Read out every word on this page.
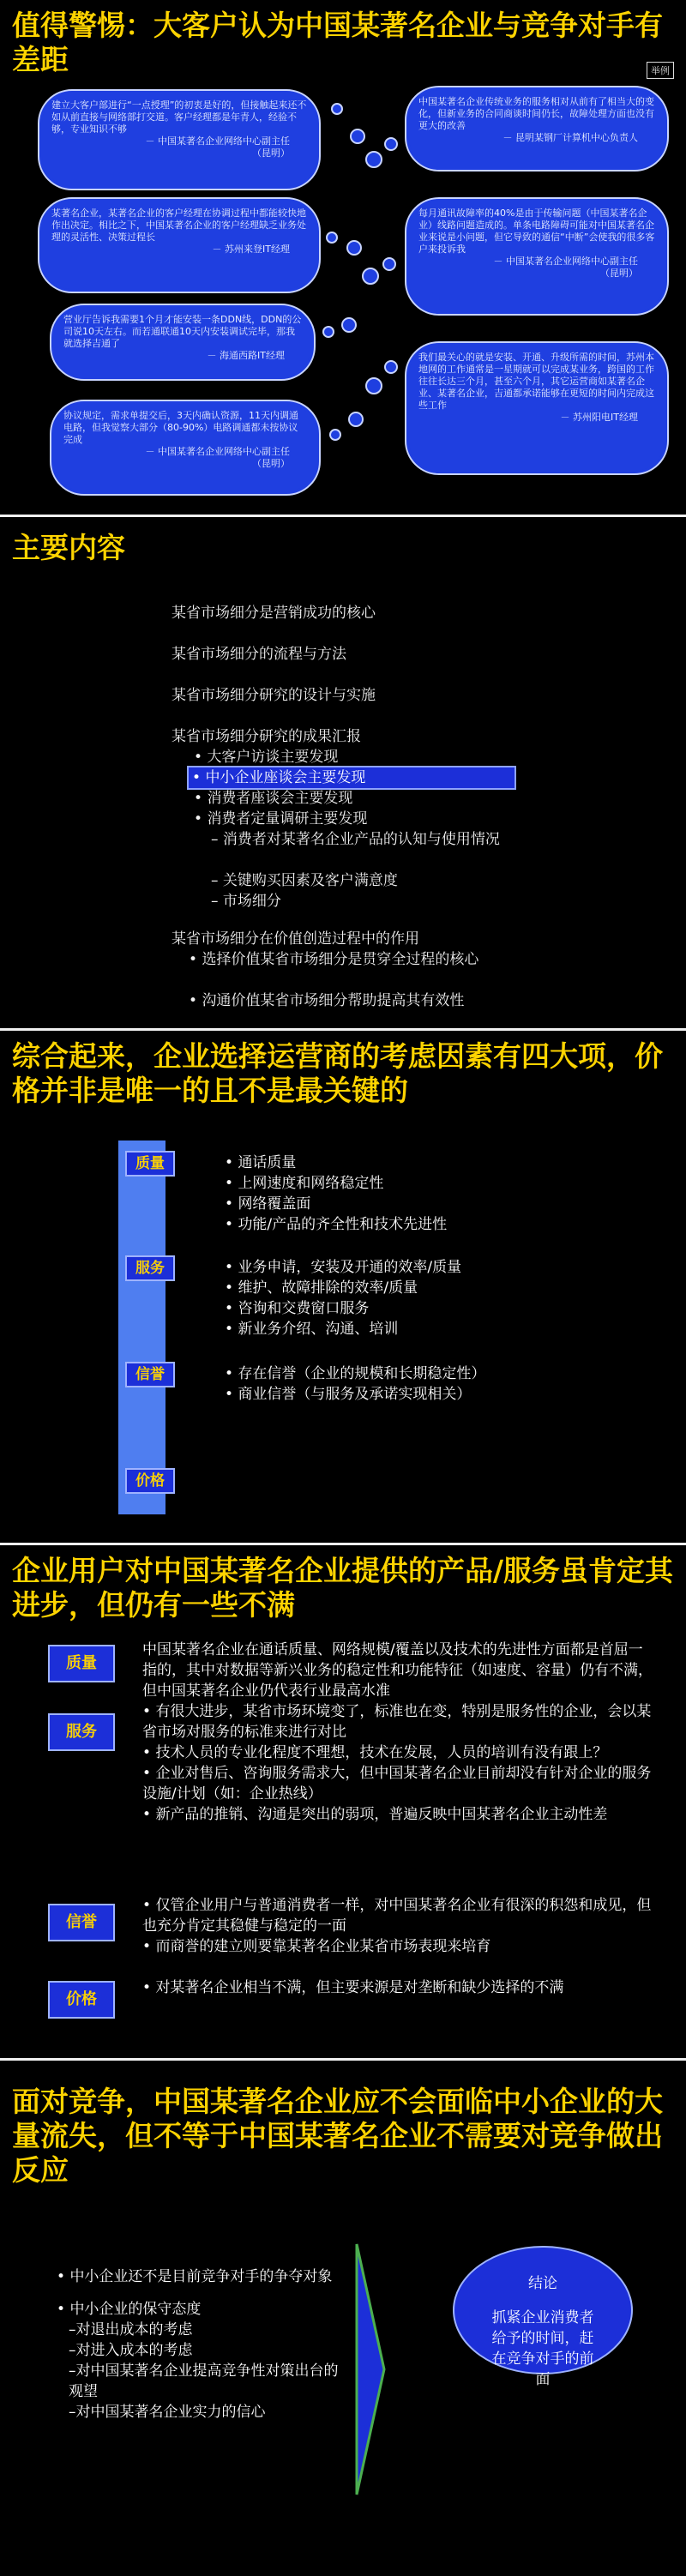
值得警惕：大客户认为中国某著名企业与竞争对手有差距	举例
建立大客户部进行“一点授理”的初衷是好的，但接触起来还不如从前直接与网络部打交道。客户经理都是年青人，经验不够，专业知识不够
－ 中国某著名企业网络中心副主任
（昆明）
某著名企业，某著名企业的客户经理在协调过程中都能较快地作出决定。相比之下，中国某著名企业的客户经理缺乏业务处理的灵活性、决策过程长
－ 苏州来登IT经理
营业厅告诉我需要1个月才能安装一条DDN线，DDN的公司说10天左右。而若通联通10天内安装调试完毕，那我就选择吉通了
－ 海通西路IT经理
协议规定，需求单提交后，3天内确认资源，11天内调通电路，但我觉察大部分（80-90%）电路调通都未按协议完成
－ 中国某著名企业网络中心副主任
（昆明）
中国某著名企业传统业务的服务相对从前有了相当大的变化，但新业务的合同商谈时间仍长，故障处理方面也没有更大的改善
－ 昆明某钢厂计算机中心负责人
每月通讯故障率的40%是由于传输问题（中国某著名企业）线路问题造成的。单条电路障碍可能对中国某著名企业来说是小问题，但它导致的通信“中断”会使我的很多客户来投诉我
－ 中国某著名企业网络中心副主任
（昆明）
我们最关心的就是安装、开通、升级所需的时间，苏州本地网的工作通常是一星期就可以完成某业务，跨国的工作往往长达三个月，甚至六个月，其它运营商如某著名企业、某著名企业，吉通都承诺能够在更短的时间内完成这些工作
－ 苏州阳电IT经理
主要内容
某省市场细分是营销成功的核心
某省市场细分的流程与方法
某省市场细分研究的设计与实施
某省市场细分研究的成果汇报
• 大客户访谈主要发现
• 中小企业座谈会主要发现
• 消费者座谈会主要发现
• 消费者定量调研主要发现
– 消费者对某著名企业产品的认知与使用情况
– 关键购买因素及客户满意度
– 市场细分
某省市场细分在价值创造过程中的作用
• 选择价值某省市场细分是贯穿全过程的核心
• 沟通价值某省市场细分帮助提高其有效性
综合起来，企业选择运营商的考虑因素有四大项，价格并非是唯一的且不是最关键的
质量	• 通话质量
• 上网速度和网络稳定性
• 网络覆盖面
• 功能/产品的齐全性和技术先进性
服务	• 业务申请，安装及开通的效率/质量
• 维护、故障排除的效率/质量
• 咨询和交费窗口服务
• 新业务介绍、沟通、培训
信誉	• 存在信誉（企业的规模和长期稳定性）
• 商业信誉（与服务及承诺实现相关）
价格
企业用户对中国某著名企业提供的产品/服务虽肯定其进步，但仍有一些不满
质量
中国某著名企业在通话质量、网络规模/覆盖以及技术的先进性方面都是首屈一指的，其中对数据等新兴业务的稳定性和功能特征（如速度、容量）仍有不满，但中国某著名企业仍代表行业最高水准
服务
• 有很大进步，某省市场环境变了，标准也在变，特别是服务性的企业，会以某省市场对服务的标准来进行对比
• 技术人员的专业化程度不理想，技术在发展，人员的培训有没有跟上？
• 企业对售后、咨询服务需求大，但中国某著名企业目前却没有针对企业的服务设施/计划（如：企业热线）
• 新产品的推销、沟通是突出的弱项，普遍反映中国某著名企业主动性差
信誉
• 仅管企业用户与普通消费者一样，对中国某著名企业有很深的积怨和成见，但也充分肯定其稳健与稳定的一面
• 而商誉的建立则要靠某著名企业某省市场表现来培育
价格
• 对某著名企业相当不满，但主要来源是对垄断和缺少选择的不满
面对竞争，中国某著名企业应不会面临中小企业的大量流失，但不等于中国某著名企业不需要对竞争做出反应
• 中小企业还不是目前竞争对手的争夺对象
• 中小企业的保守态度
–对退出成本的考虑
–对进入成本的考虑
–对中国某著名企业提高竞争性对策出台的观望
–对中国某著名企业实力的信心
结论
抓紧企业消费者给予的时间，赶在竞争对手的前面
